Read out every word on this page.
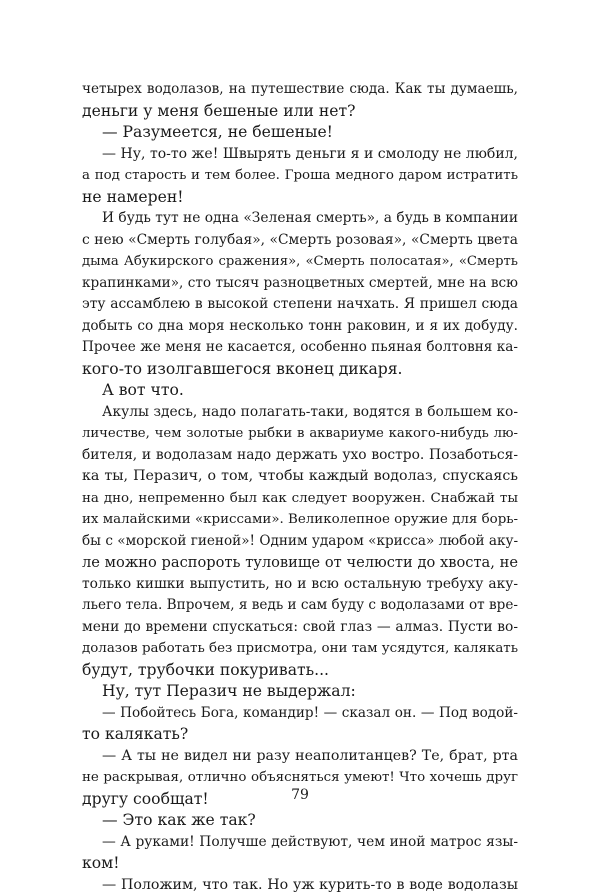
четырех водолазов, на путешествие сюда. Как ты думаешь,
деньги у меня бешеные или нет?
— Разумеется, не бешеные!
— Ну, то-то же! Швырять деньги я и смолоду не любил,
а под старость и тем более. Гроша медного даром истратить
не намерен!
И будь тут не одна «Зеленая смерть», а будь в компании
с нею «Смерть голубая», «Смерть розовая», «Смерть цвета
дыма Абукирского сражения», «Смерть полосатая», «Смерть
крапинками», сто тысяч разноцветных смертей, мне на всю
эту ассамблею в высокой степени начхать. Я пришел сюда
добыть со дна моря несколько тонн раковин, и я их добуду.
Прочее же меня не касается, особенно пьяная болтовня ка-
кого-то изолгавшегося вконец дикаря.
А вот что.
Акулы здесь, надо полагать-таки, водятся в большем ко-
личестве, чем золотые рыбки в аквариуме какого-нибудь лю-
бителя, и водолазам надо держать ухо востро. Позаботься-
ка ты, Перазич, о том, чтобы каждый водолаз, спускаясь
на дно, непременно был как следует вооружен. Снабжай ты
их малайскими «криссами». Великолепное оружие для борь-
бы с «морской гиеной»! Одним ударом «крисса» любой аку-
ле можно распороть туловище от челюсти до хвоста, не
только кишки выпустить, но и всю остальную требуху аку-
льего тела. Впрочем, я ведь и сам буду с водолазами от вре-
мени до времени спускаться: свой глаз — алмаз. Пусти во-
долазов работать без присмотра, они там усядутся, калякать
будут, трубочки покуривать...
Ну, тут Перазич не выдержал:
— Побойтесь Бога, командир! — сказал он. — Под водой-
то калякать?
— А ты не видел ни разу неаполитанцев? Те, брат, рта
не раскрывая, отлично объясняться умеют! Что хочешь друг
другу сообщат!
— Это как же так?
— А руками! Получше действуют, чем иной матрос язы-
ком!
— Положим, что так. Но уж курить-то в воде водолазы
79
